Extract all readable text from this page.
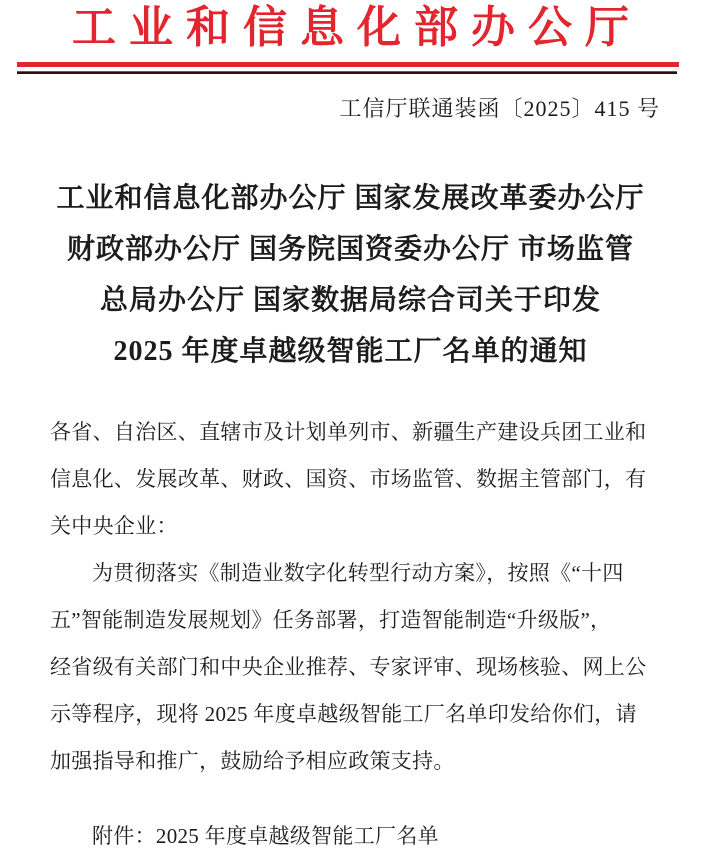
工业和信息化部办公厅
工信厅联通装函〔2025〕415 号
工业和信息化部办公厅 国家发展改革委办公厅
财政部办公厅 国务院国资委办公厅 市场监管
总局办公厅 国家数据局综合司关于印发
2025 年度卓越级智能工厂名单的通知
各省、自治区、直辖市及计划单列市、新疆生产建设兵团工业和
信息化、发展改革、财政、国资、市场监管、数据主管部门，有
关中央企业：
为贯彻落实《制造业数字化转型行动方案》，按照《“十四
五”智能制造发展规划》任务部署，打造智能制造“升级版”，
经省级有关部门和中央企业推荐、专家评审、现场核验、网上公
示等程序，现将 2025 年度卓越级智能工厂名单印发给你们，请
加强指导和推广，鼓励给予相应政策支持。
附件：2025 年度卓越级智能工厂名单
